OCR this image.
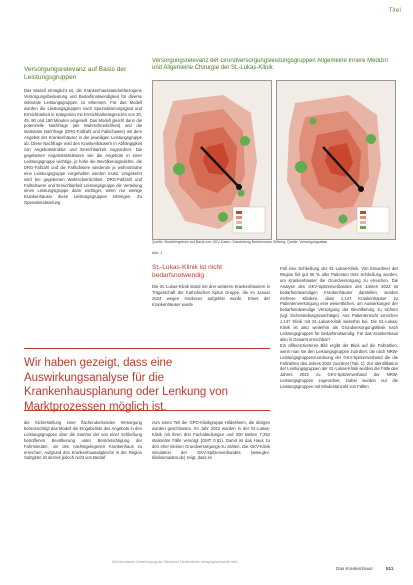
Titel
Versorgungsrelevanz auf Basis der Leistungsgruppen
Das Modell ermöglicht es, die Krankenhausstandortbezogene Versorgungsbedeutung und Bedarfsnotwendigkeit für diverse sektorale Leistungsgruppen zu erkennen. Für das Modell wurden die Leistungsgruppen nach Spezialisierungsgrad und Erreichbarkeit in Kategorien mit Erreichbarkeitsgrenzen von 30, 45, 90 und 180 Minuten eingeteilt. Das Modell gleicht dann die potenzielle Nachfrage (als Wahrscheinlichkeit) und die stationäre Nachfrage (DRG-Fallzahl und Fallschwere) mit dem Angebot der Krankenhäuser in der jeweiligen Leistungsgruppe ab. Diese Nachfrage wird den Krankenhäusern in Abhängigkeit von Angebotsstruktur und Erreichbarkeit zugeordnet. Die gegebenen Angebotsstrukturen wie die Angebote in einer Leistungsgruppe wichtige, je hohe die Bevölkerungsdichte, die DRG-Fallzahl und die Fallschwere wiederum je wohnortnahe eine Leistungsgruppe vorgehalten werden muss. Umgekehrt wird bei gegebenen Wahrscheinlichkeit, DRG-Fallzahl und Fallschwere und Erreichbarkeit Leistungsgruppe die Verteilung eines Leistungsgruppe dann wichtiger, wenn nur wenige Krankenhäuser diese Leistungsgruppen erbringen. Zu Operationalisierung
Versorgungsrelevanz der Grundversorgungsleistungsgruppen Allgemeine Innere Medizin und Allgemeine Chirurgie der St.-Lukas-Klinik
Quelle: Modellergebnis auf Basis von GKV-Daten, Darstellung Bertelsmann Stiftung, Quelle: Versorgungsatlas
Abb. 1
St.-Lukas-Klinik ist nicht bedarfsnotwendig
Die St.-Lukas-Klinik stand mit drei weiteren Krankenhäusern in Trägerschaft der Katholischen Kplus Gruppe, die im Januar 2024 wegen Insolvenz aufgelöst wurde. Eines der Krankenhäuser wurde
Fall eine Schließung der St.-Lukas-Klinik. Von Einwohner der Region fiel gut 30 % aller Patienten trotz Schließung wurden, um Krankenhäuser die Grundversorgung zu erreichen. Die Analyse des GKV-Spitzenverbandes des Jahres 2023 ist bedarfsnotwendigen Krankenhäuser darstellen, wurden mehrere Kliniken, dass 1.147 Krankenhäuser zu Patientenversorgung eine wesentlichen, um Auswirkungen der bedarfsnotwendige Versorgung der Bevölkerung zu sichern (vgl. Sicherstellungszuschläge). Aus Patientensicht erreichen 1.147 Klinik mit St.-Lukas-Klinik weiterhin bei. Die St.-Lukas-Klinik ist also weiterhin als Grundversorgungsklinik nach Leistungsgruppen für bedarfsnotwendig. Für das Krankenhaus also in Gesamt erreichbar?
Ein differenzierteres Bild ergibt der Blick auf die Fallzahlen, wenn man sie den Leistungsgruppen zuordnet, die nach NRW-Leistungsgruppenzuordnung der GKV-Spitzenverband die die Fallzahlen des Jahres 2022 zuordnet (Tab. 1). Zur Identifikation der Leistungsgruppen der St.-Lukas-Klinik wurden die Fälle des Jahres 2022 zu GKV-Spitzenverband der NRW-Leistungsgruppen zugeordnet. Dabei wurden nur die Leistungsgruppen mit Mindestanzahl von Fällen
Wir haben gezeigt, dass eine Auswirkungsanalyse für die Krankenhausplanung oder Lenkung von Marktprozessen möglich ist.
die Sicherstellung einer flächendeckenden Versorgung berücksichtigt das Modell die Eingabeliste des Angebots in den Leistungsgruppen über die Summe der von einer Schließung betroffenen Bevölkerung unter Berücksichtigung der Fahrminuten, um den nächstgelegenen Krankenhaus zu erreichen. Aufgrund des Krankenhausabgleichs in der Region Salzgitter ist derzeit jedoch nicht von Bedarf
zum einen Teil der GPO-Klinikgruppe Hildesheim, die übrigen wurden geschlossen. Im Jahr 2022 wurden in der St.-Lukas-Klinik mit ihren drei Fachabteilungen und 200 Betten 7.252 stationäre Fälle versorgt (GMT 0,91). Damit ist das Haus zu den eher kleinen Grundversorgungs-zu zählen. Die GKV-Klinik simulation der GKV-Spitzenverbandes (www.gkv-kliniksimulator.de) zeigt, dass im
Mit freundlicher Genehmigung der Bibliomed Medizinische Verlagsgesellschaft mbH
Das Krankenhaus	511
